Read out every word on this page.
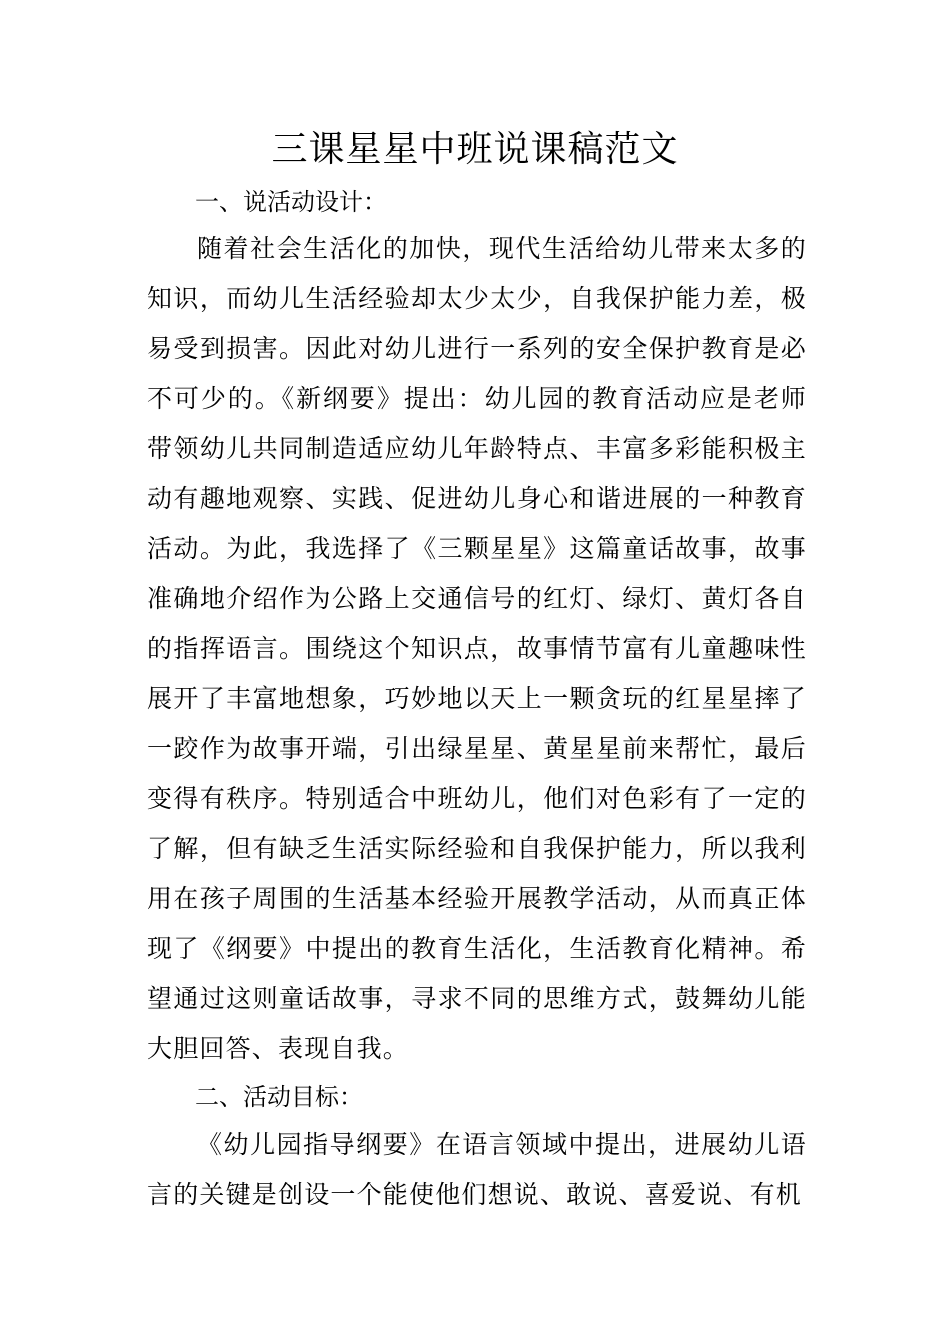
三课星星中班说课稿范文
一、说活动设计：

随着社会生活化的加快，现代生活给幼儿带来太多的知识，而幼儿生活经验却太少太少，自我保护能力差，极易受到损害。因此对幼儿进行一系列的安全保护教育是必不可少的。《新纲要》提出：幼儿园的教育活动应是老师带领幼儿共同制造适应幼儿年龄特点、丰富多彩能积极主动有趣地观察、实践、促进幼儿身心和谐进展的一种教育活动。为此，我选择了《三颗星星》这篇童话故事，故事准确地介绍作为公路上交通信号的红灯、绿灯、黄灯各自的指挥语言。围绕这个知识点，故事情节富有儿童趣味性展开了丰富地想象，巧妙地以天上一颗贪玩的红星星摔了一跤作为故事开端，引出绿星星、黄星星前来帮忙，最后变得有秩序。特别适合中班幼儿，他们对色彩有了一定的了解，但有缺乏生活实际经验和自我保护能力，所以我利用在孩子周围的生活基本经验开展教学活动，从而真正体现了《纲要》中提出的教育生活化，生活教育化精神。希望通过这则童话故事，寻求不同的思维方式，鼓舞幼儿能大胆回答、表现自我。

二、活动目标：

《幼儿园指导纲要》在语言领域中提出，进展幼儿语言的关键是创设一个能使他们想说、敢说、喜爱说、有机
